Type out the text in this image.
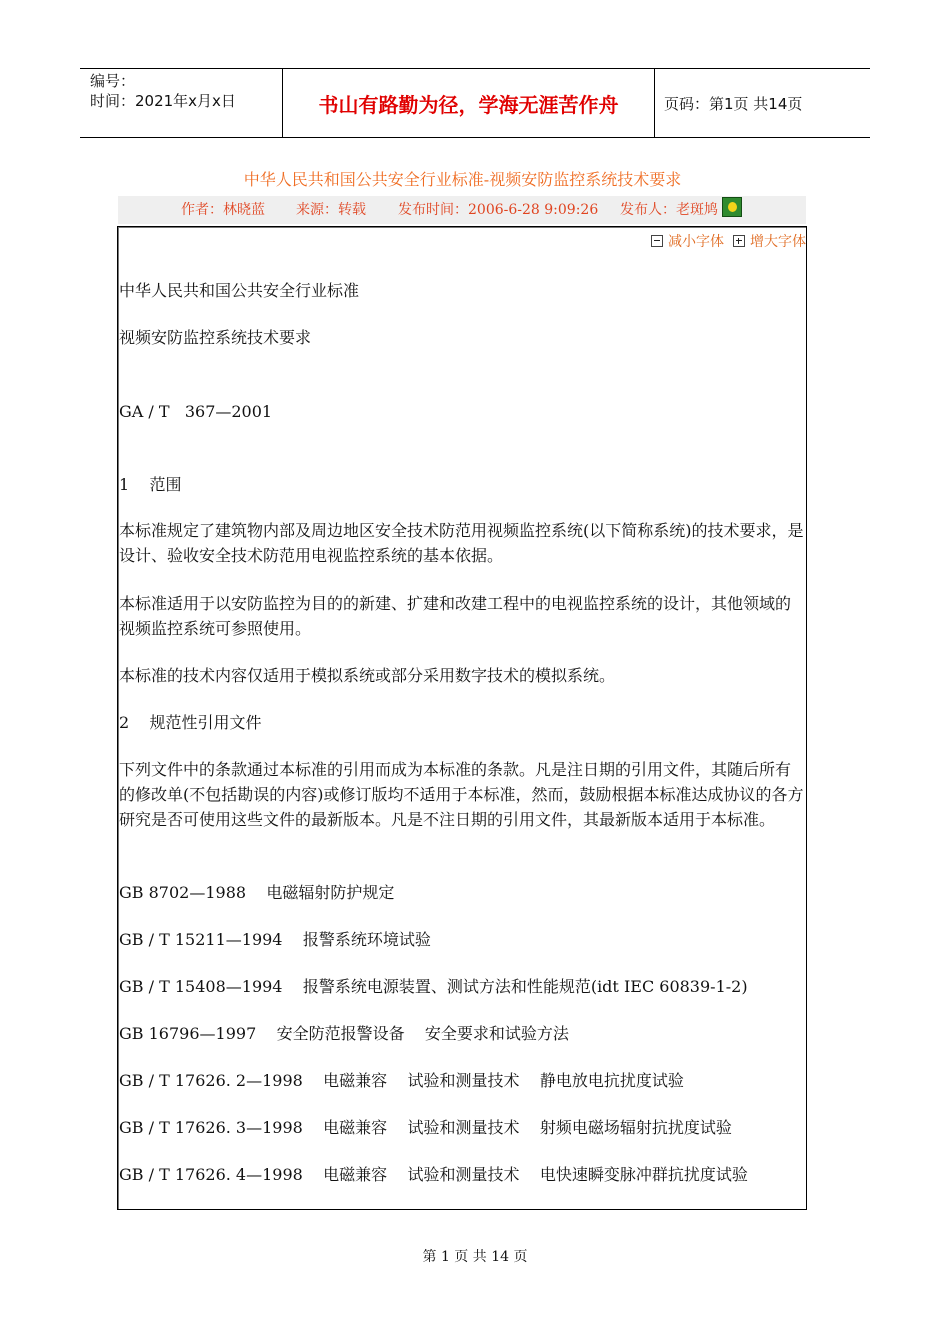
编号：
时间：2021年x月x日	书山有路勤为径，学海无涯苦作舟	页码：第1页 共14页
中华人民共和国公共安全行业标准-视频安防监控系统技术要求
作者：林晓蓝 来源：转载 发布时间：2006-6-28 9:09:26 发布人：老斑鸠
减小字体 增大字体
中华人民共和国公共安全行业标准
视频安防监控系统技术要求
GA / T   367—2001
1    范围
本标准规定了建筑物内部及周边地区安全技术防范用视频监控系统(以下简称系统)的技术要求，是设计、验收安全技术防范用电视监控系统的基本依据。
本标准适用于以安防监控为目的的新建、扩建和改建工程中的电视监控系统的设计，其他领域的视频监控系统可参照使用。
本标准的技术内容仅适用于模拟系统或部分采用数字技术的模拟系统。
2    规范性引用文件
下列文件中的条款通过本标准的引用而成为本标准的条款。凡是注日期的引用文件，其随后所有的修改单(不包括勘误的内容)或修订版均不适用于本标准，然而，鼓励根据本标准达成协议的各方研究是否可使用这些文件的最新版本。凡是不注日期的引用文件，其最新版本适用于本标准。
GB 8702—1988    电磁辐射防护规定
GB / T 15211—1994    报警系统环境试验
GB / T 15408—1994    报警系统电源装置、测试方法和性能规范(idt IEC 60839-1-2)
GB 16796—1997    安全防范报警设备    安全要求和试验方法
GB / T 17626. 2—1998    电磁兼容    试验和测量技术    静电放电抗扰度试验
GB / T 17626. 3—1998    电磁兼容    试验和测量技术    射频电磁场辐射抗扰度试验
GB / T 17626. 4—1998    电磁兼容    试验和测量技术    电快速瞬变脉冲群抗扰度试验
第 1 页 共 14 页
